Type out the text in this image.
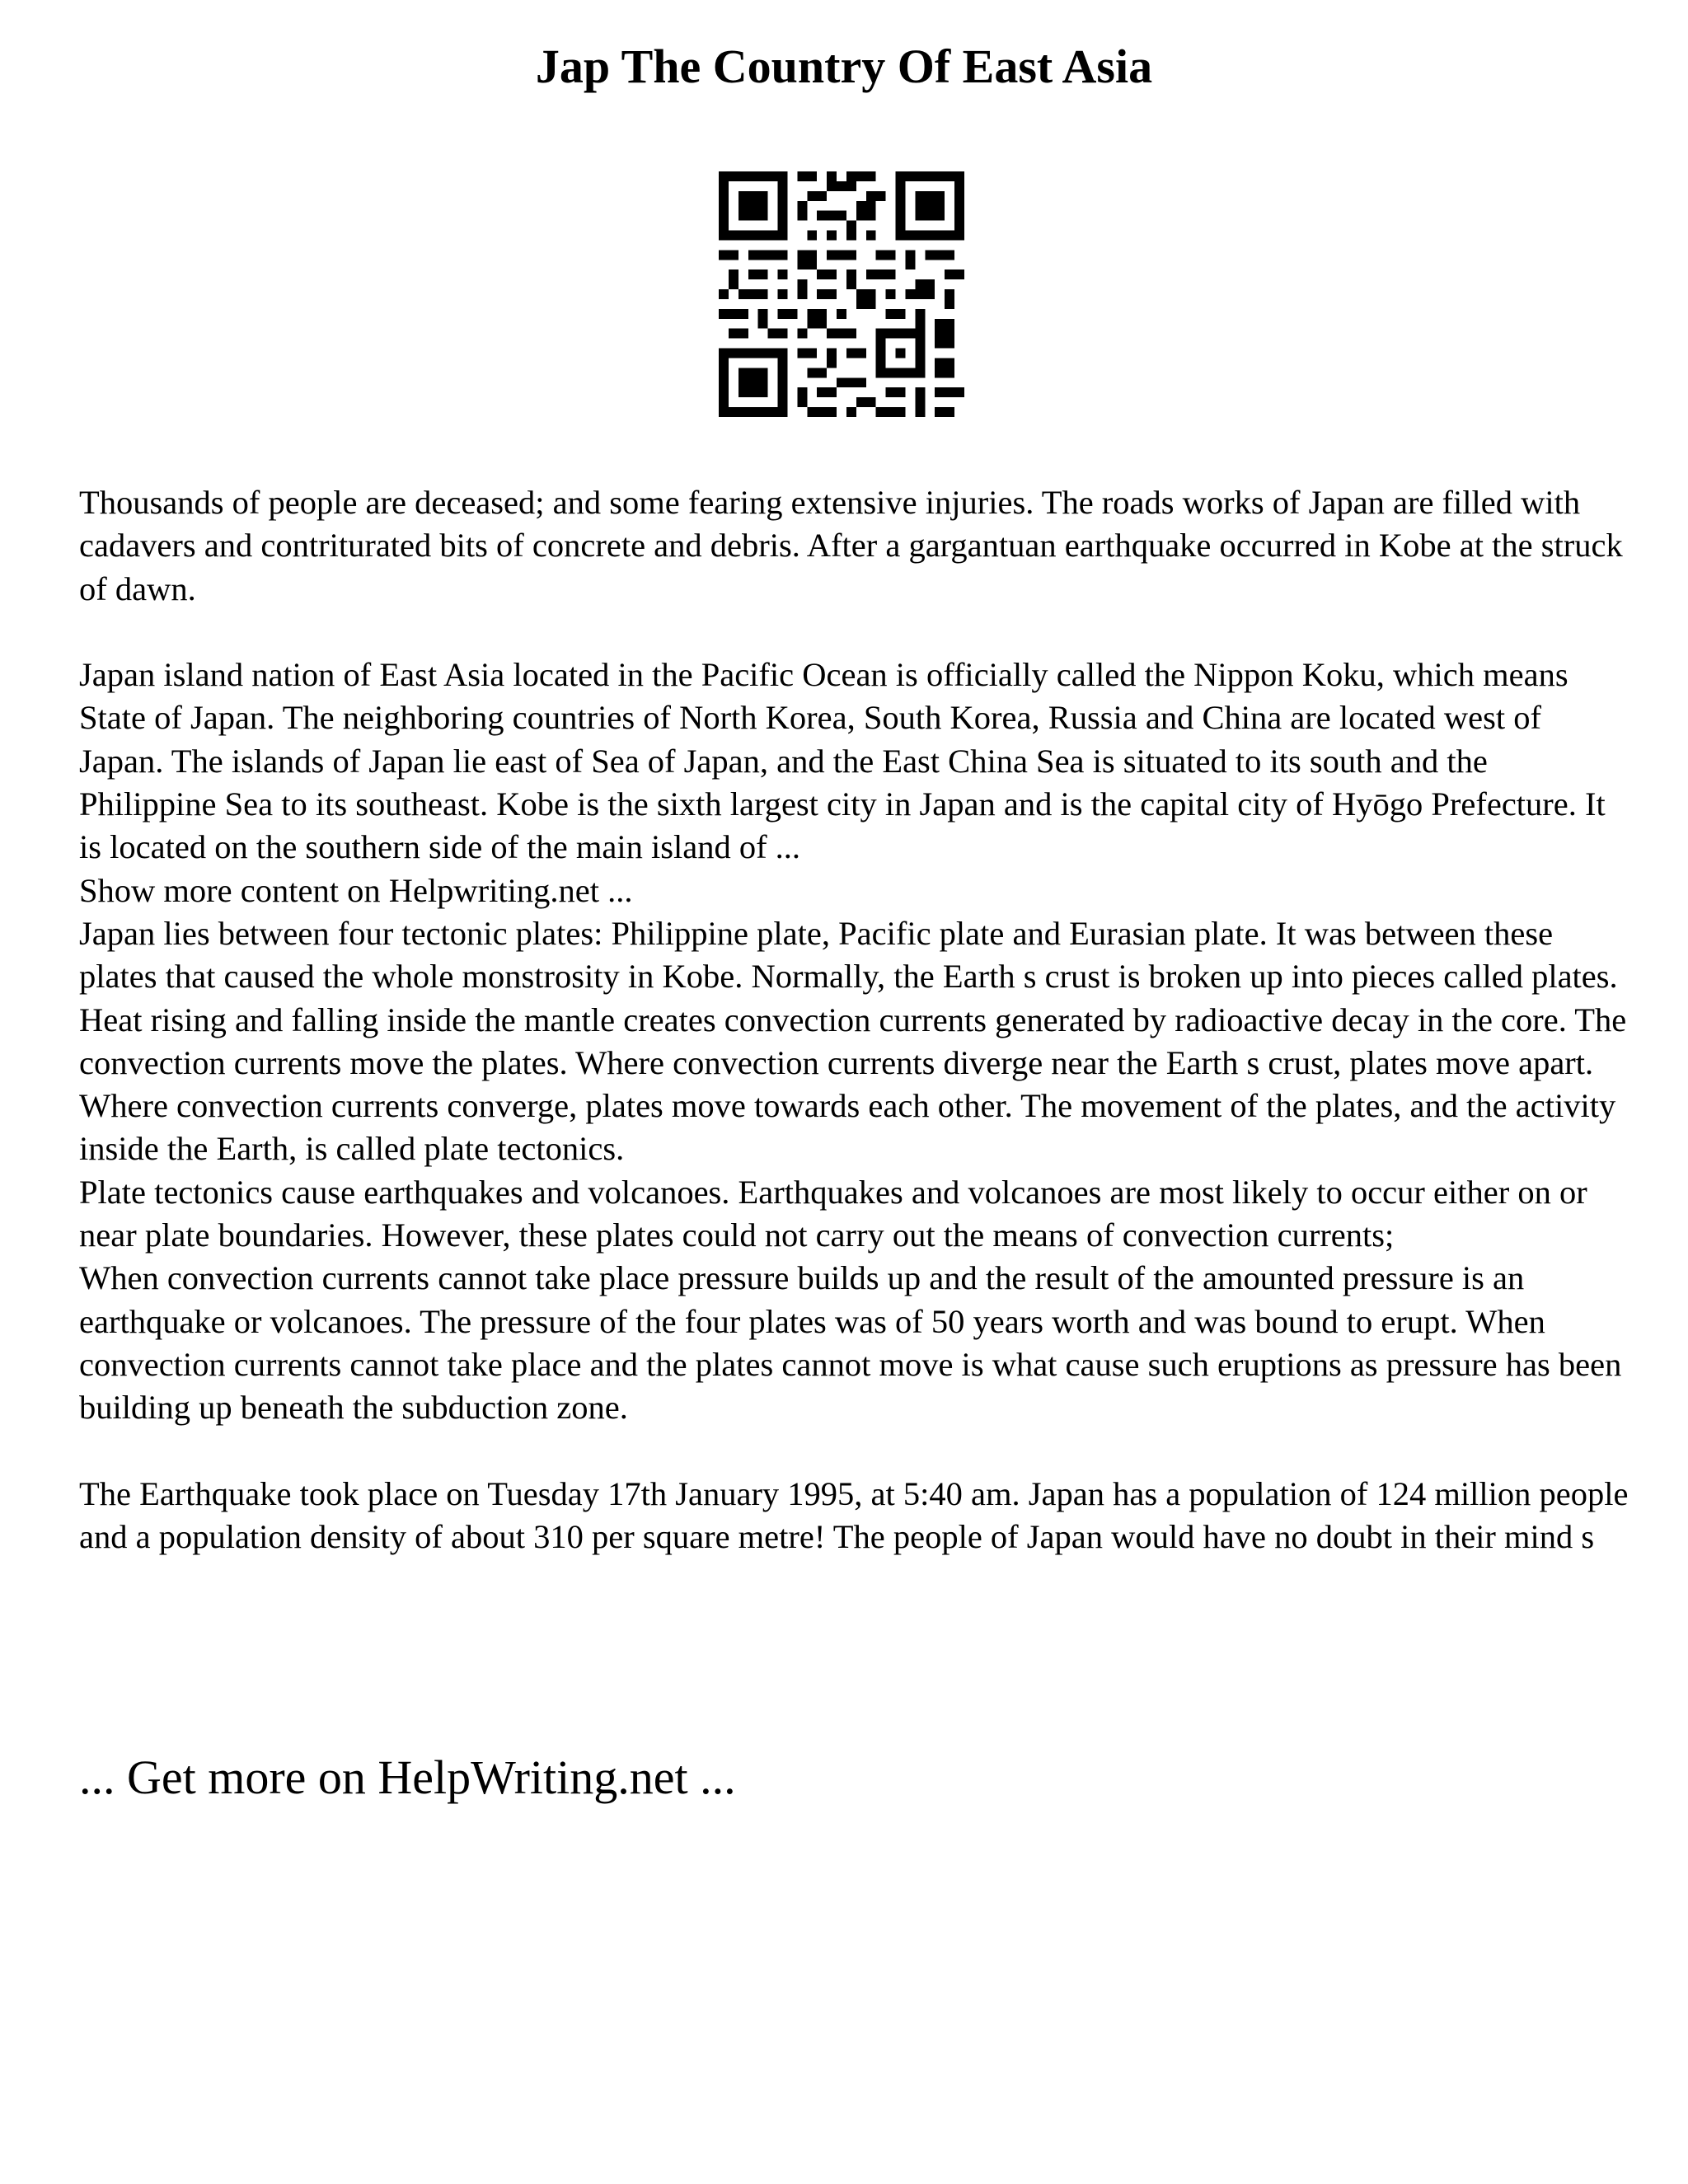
Jap The Country Of East Asia

Thousands of people are deceased; and some fearing extensive injuries. The roads works of Japan are filled with cadavers and contriturated bits of concrete and debris. After a gargantuan earthquake occurred in Kobe at the struck of dawn.

Japan island nation of East Asia located in the Pacific Ocean is officially called the Nippon Koku, which means State of Japan. The neighboring countries of North Korea, South Korea, Russia and China are located west of Japan. The islands of Japan lie east of Sea of Japan, and the East China Sea is situated to its south and the Philippine Sea to its southeast. Kobe is the sixth largest city in Japan and is the capital city of Hyōgo Prefecture. It is located on the southern side of the main island of ...

Show more content on Helpwriting.net ...

Japan lies between four tectonic plates: Philippine plate, Pacific plate and Eurasian plate. It was between these plates that caused the whole monstrosity in Kobe. Normally, the Earth s crust is broken up into pieces called plates. Heat rising and falling inside the mantle creates convection currents generated by radioactive decay in the core. The convection currents move the plates. Where convection currents diverge near the Earth s crust, plates move apart. Where convection currents converge, plates move towards each other. The movement of the plates, and the activity inside the Earth, is called plate tectonics.

Plate tectonics cause earthquakes and volcanoes. Earthquakes and volcanoes are most likely to occur either on or near plate boundaries. However, these plates could not carry out the means of convection currents;

When convection currents cannot take place pressure builds up and the result of the amounted pressure is an earthquake or volcanoes. The pressure of the four plates was of 50 years worth and was bound to erupt. When convection currents cannot take place and the plates cannot move is what cause such eruptions as pressure has been building up beneath the subduction zone.

The Earthquake took place on Tuesday 17th January 1995, at 5:40 am. Japan has a population of 124 million people and a population density of about 310 per square metre! The people of Japan would have no doubt in their mind s

... Get more on HelpWriting.net ...
